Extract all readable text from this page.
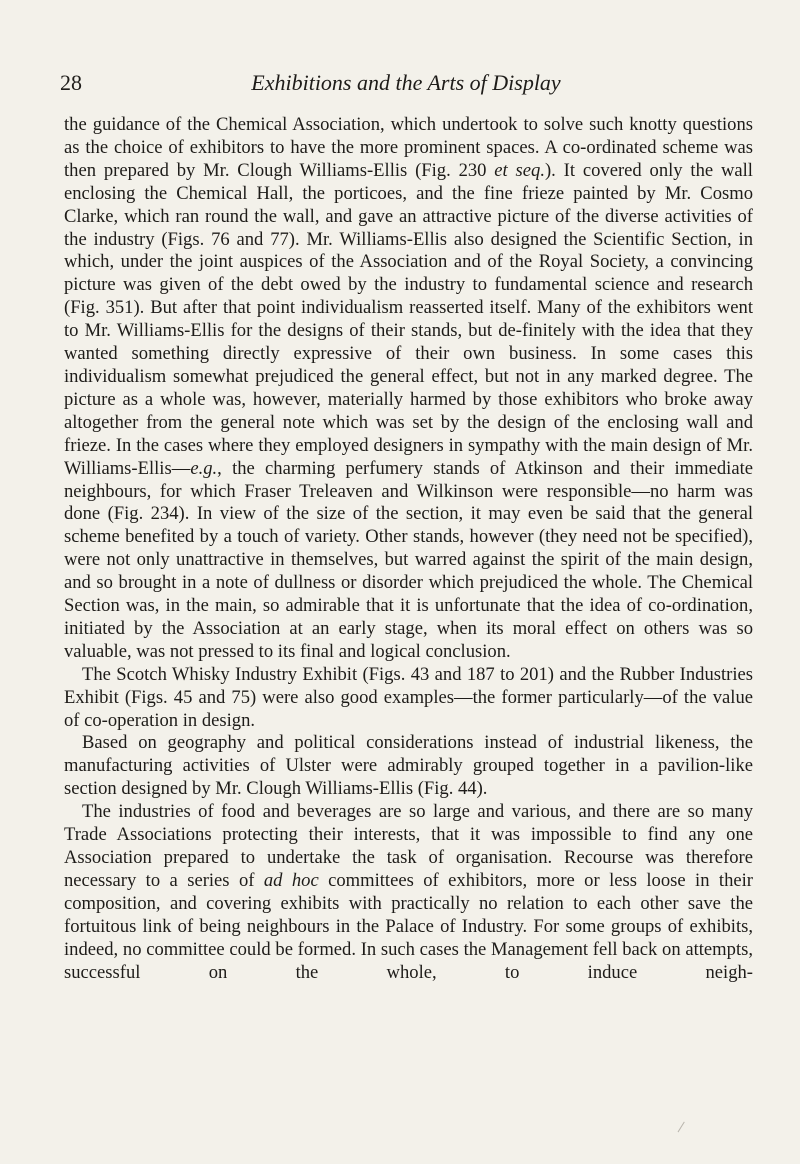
28	Exhibitions and the Arts of Display

the guidance of the Chemical Association, which undertook to solve such knotty questions as the choice of exhibitors to have the more prominent spaces. A co-ordinated scheme was then prepared by Mr. Clough Williams-Ellis (Fig. 230 et seq.). It covered only the wall enclosing the Chemical Hall, the porticoes, and the fine frieze painted by Mr. Cosmo Clarke, which ran round the wall, and gave an attractive picture of the diverse activities of the industry (Figs. 76 and 77). Mr. Williams-Ellis also designed the Scientific Section, in which, under the joint auspices of the Association and of the Royal Society, a convincing picture was given of the debt owed by the industry to fundamental science and research (Fig. 351). But after that point individualism reasserted itself. Many of the exhibitors went to Mr. Williams-Ellis for the designs of their stands, but de-finitely with the idea that they wanted something directly expressive of their own business. In some cases this individualism somewhat prejudiced the general effect, but not in any marked degree. The picture as a whole was, however, materially harmed by those exhibitors who broke away altogether from the general note which was set by the design of the enclosing wall and frieze. In the cases where they employed designers in sympathy with the main design of Mr. Williams-Ellis—e.g., the charming perfumery stands of Atkinson and their immediate neighbours, for which Fraser Treleaven and Wilkinson were responsible—no harm was done (Fig. 234). In view of the size of the section, it may even be said that the general scheme benefited by a touch of variety. Other stands, however (they need not be specified), were not only unattractive in themselves, but warred against the spirit of the main design, and so brought in a note of dullness or disorder which prejudiced the whole. The Chemical Section was, in the main, so admirable that it is unfortunate that the idea of co-ordination, initiated by the Association at an early stage, when its moral effect on others was so valuable, was not pressed to its final and logical conclusion.

The Scotch Whisky Industry Exhibit (Figs. 43 and 187 to 201) and the Rubber Industries Exhibit (Figs. 45 and 75) were also good examples—the former particularly—of the value of co-operation in design.

Based on geography and political considerations instead of industrial likeness, the manufacturing activities of Ulster were admirably grouped together in a pavilion-like section designed by Mr. Clough Williams-Ellis (Fig. 44).

The industries of food and beverages are so large and various, and there are so many Trade Associations protecting their interests, that it was impossible to find any one Association prepared to undertake the task of organisation. Recourse was therefore necessary to a series of ad hoc committees of exhibitors, more or less loose in their composition, and covering exhibits with practically no relation to each other save the fortuitous link of being neighbours in the Palace of Industry. For some groups of exhibits, indeed, no committee could be formed. In such cases the Management fell back on attempts, successful on the whole, to induce neigh-
